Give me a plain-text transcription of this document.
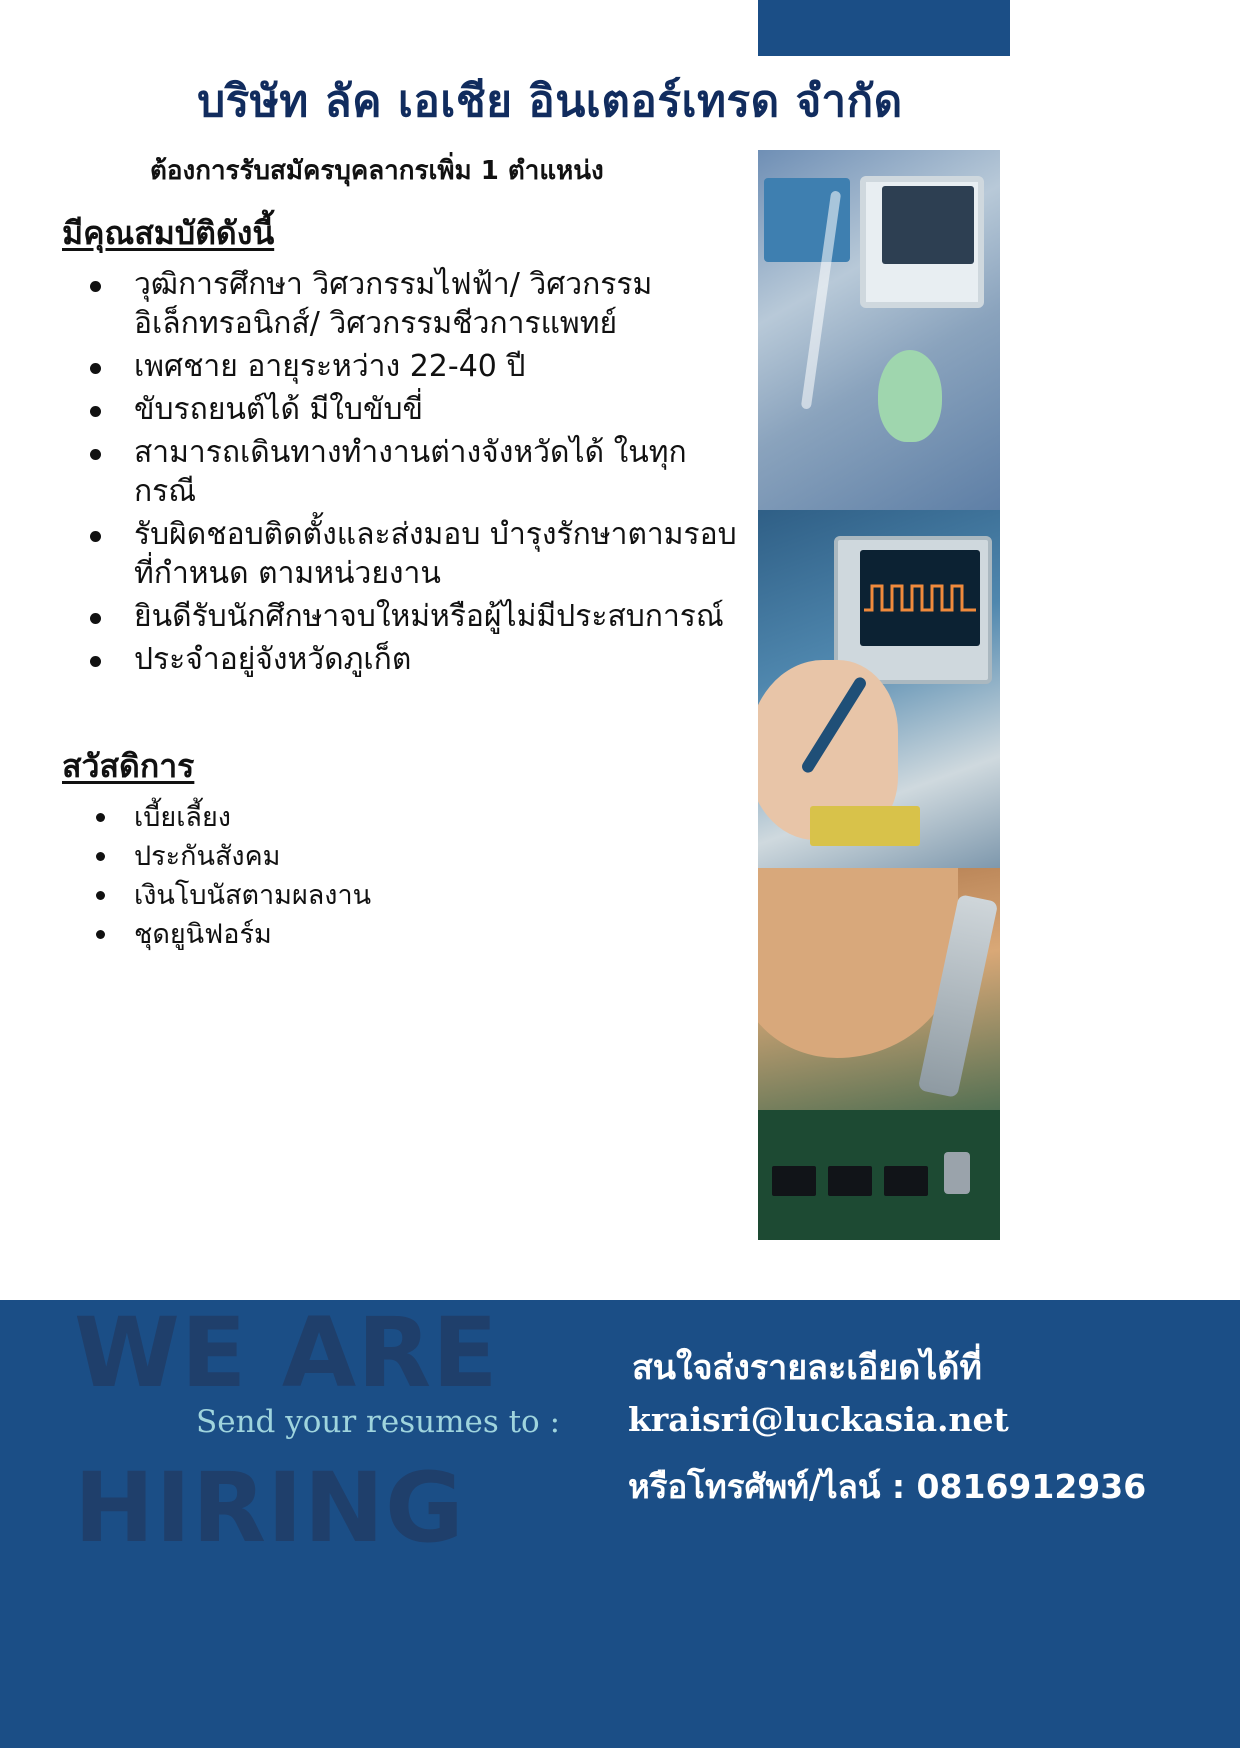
บริษัท ลัค เอเชีย อินเตอร์เทรด จำกัด
ต้องการรับสมัครบุคลากรเพิ่ม 1 ตำแหน่ง
มีคุณสมบัติดังนี้
วุฒิการศึกษา วิศวกรรมไฟฟ้า/ วิศวกรรมอิเล็กทรอนิกส์/ วิศวกรรมชีวการแพทย์
เพศชาย อายุระหว่าง 22-40 ปี
ขับรถยนต์ได้ มีใบขับขี่
สามารถเดินทางทำงานต่างจังหวัดได้ ในทุกกรณี
รับผิดชอบติดตั้งและส่งมอบ บำรุงรักษาตามรอบที่กำหนด ตามหน่วยงาน
ยินดีรับนักศึกษาจบใหม่หรือผู้ไม่มีประสบการณ์
ประจำอยู่จังหวัดภูเก็ต
สวัสดิการ
เบี้ยเลี้ยง
ประกันสังคม
เงินโบนัสตามผลงาน
ชุดยูนิฟอร์ม
WE ARE
HIRING
สนใจส่งรายละเอียดได้ที่
Send your resumes to : kraisri@luckasia.net
หรือโทรศัพท์/ไลน์ : 0816912936
